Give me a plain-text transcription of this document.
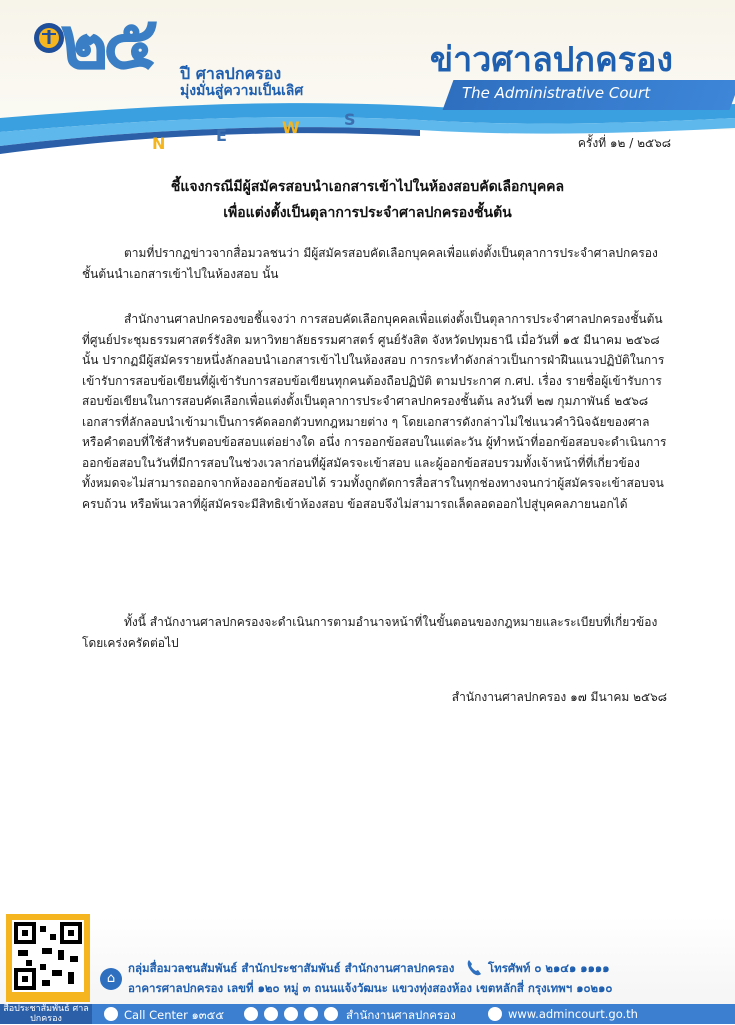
๒๕ ปี ศาลปกครอง
มุ่งมั่นสู่ความเป็นเลิศ
N	E	W	S
ข่าวศาลปกครอง
The Administrative Court
ครั้งที่ ๑๒ / ๒๕๖๘
ชี้แจงกรณีมีผู้สมัครสอบนำเอกสารเข้าไปในห้องสอบคัดเลือกบุคคล
เพื่อแต่งตั้งเป็นตุลาการประจำศาลปกครองชั้นต้น
ตามที่ปรากฏข่าวจากสื่อมวลชนว่า มีผู้สมัครสอบคัดเลือกบุคคลเพื่อแต่งตั้งเป็นตุลาการประจำศาลปกครองชั้นต้นนำเอกสารเข้าไปในห้องสอบ นั้น
สำนักงานศาลปกครองขอชี้แจงว่า การสอบคัดเลือกบุคคลเพื่อแต่งตั้งเป็นตุลาการประจำศาลปกครองชั้นต้น ที่ศูนย์ประชุมธรรมศาสตร์รังสิต มหาวิทยาลัยธรรมศาสตร์ ศูนย์รังสิต จังหวัดปทุมธานี เมื่อวันที่ ๑๕ มีนาคม ๒๕๖๘ นั้น ปรากฏมีผู้สมัครรายหนึ่งลักลอบนำเอกสารเข้าไปในห้องสอบ การกระทำดังกล่าวเป็นการฝ่าฝืนแนวปฏิบัติในการเข้ารับการสอบข้อเขียนที่ผู้เข้ารับการสอบข้อเขียนทุกคนต้องถือปฏิบัติ ตามประกาศ ก.ศป. เรื่อง รายชื่อผู้เข้ารับการสอบข้อเขียนในการสอบคัดเลือกเพื่อแต่งตั้งเป็นตุลาการประจำศาลปกครองชั้นต้น ลงวันที่ ๒๗ กุมภาพันธ์ ๒๕๖๘ เอกสารที่ลักลอบนำเข้ามาเป็นการคัดลอกตัวบทกฎหมายต่าง ๆ โดยเอกสารดังกล่าวไม่ใช่แนวคำวินิจฉัยของศาลหรือคำตอบที่ใช้สำหรับตอบข้อสอบแต่อย่างใด อนึ่ง การออกข้อสอบในแต่ละวัน ผู้ทำหน้าที่ออกข้อสอบจะดำเนินการออกข้อสอบในวันที่มีการสอบในช่วงเวลาก่อนที่ผู้สมัครจะเข้าสอบ และผู้ออกข้อสอบรวมทั้งเจ้าหน้าที่ที่เกี่ยวข้องทั้งหมดจะไม่สามารถออกจากห้องออกข้อสอบได้ รวมทั้งถูกตัดการสื่อสารในทุกช่องทางจนกว่าผู้สมัครจะเข้าสอบจนครบถ้วน หรือพ้นเวลาที่ผู้สมัครจะมีสิทธิเข้าห้องสอบ ข้อสอบจึงไม่สามารถเล็ดลอดออกไปสู่บุคคลภายนอกได้
ทั้งนี้ สำนักงานศาลปกครองจะดำเนินการตามอำนาจหน้าที่ในขั้นตอนของกฎหมายและระเบียบที่เกี่ยวข้องโดยเคร่งครัดต่อไป
สำนักงานศาลปกครอง ๑๗ มีนาคม ๒๕๖๘
สื่อประชาสัมพันธ์ ศาลปกครอง
⌂
กลุ่มสื่อมวลชนสัมพันธ์ สำนักประชาสัมพันธ์ สำนักงานศาลปกครอง	โทรศัพท์ ๐ ๒๑๔๑ ๑๑๑๑
อาคารศาลปกครอง เลขที่ ๑๒๐ หมู่ ๓ ถนนแจ้งวัฒนะ แขวงทุ่งสองห้อง เขตหลักสี่ กรุงเทพฯ ๑๐๒๑๐
☏ Call Center ๑๓๕๕	f	L ▶ X ► สำนักงานศาลปกครอง	◍ www.admincourt.go.th
